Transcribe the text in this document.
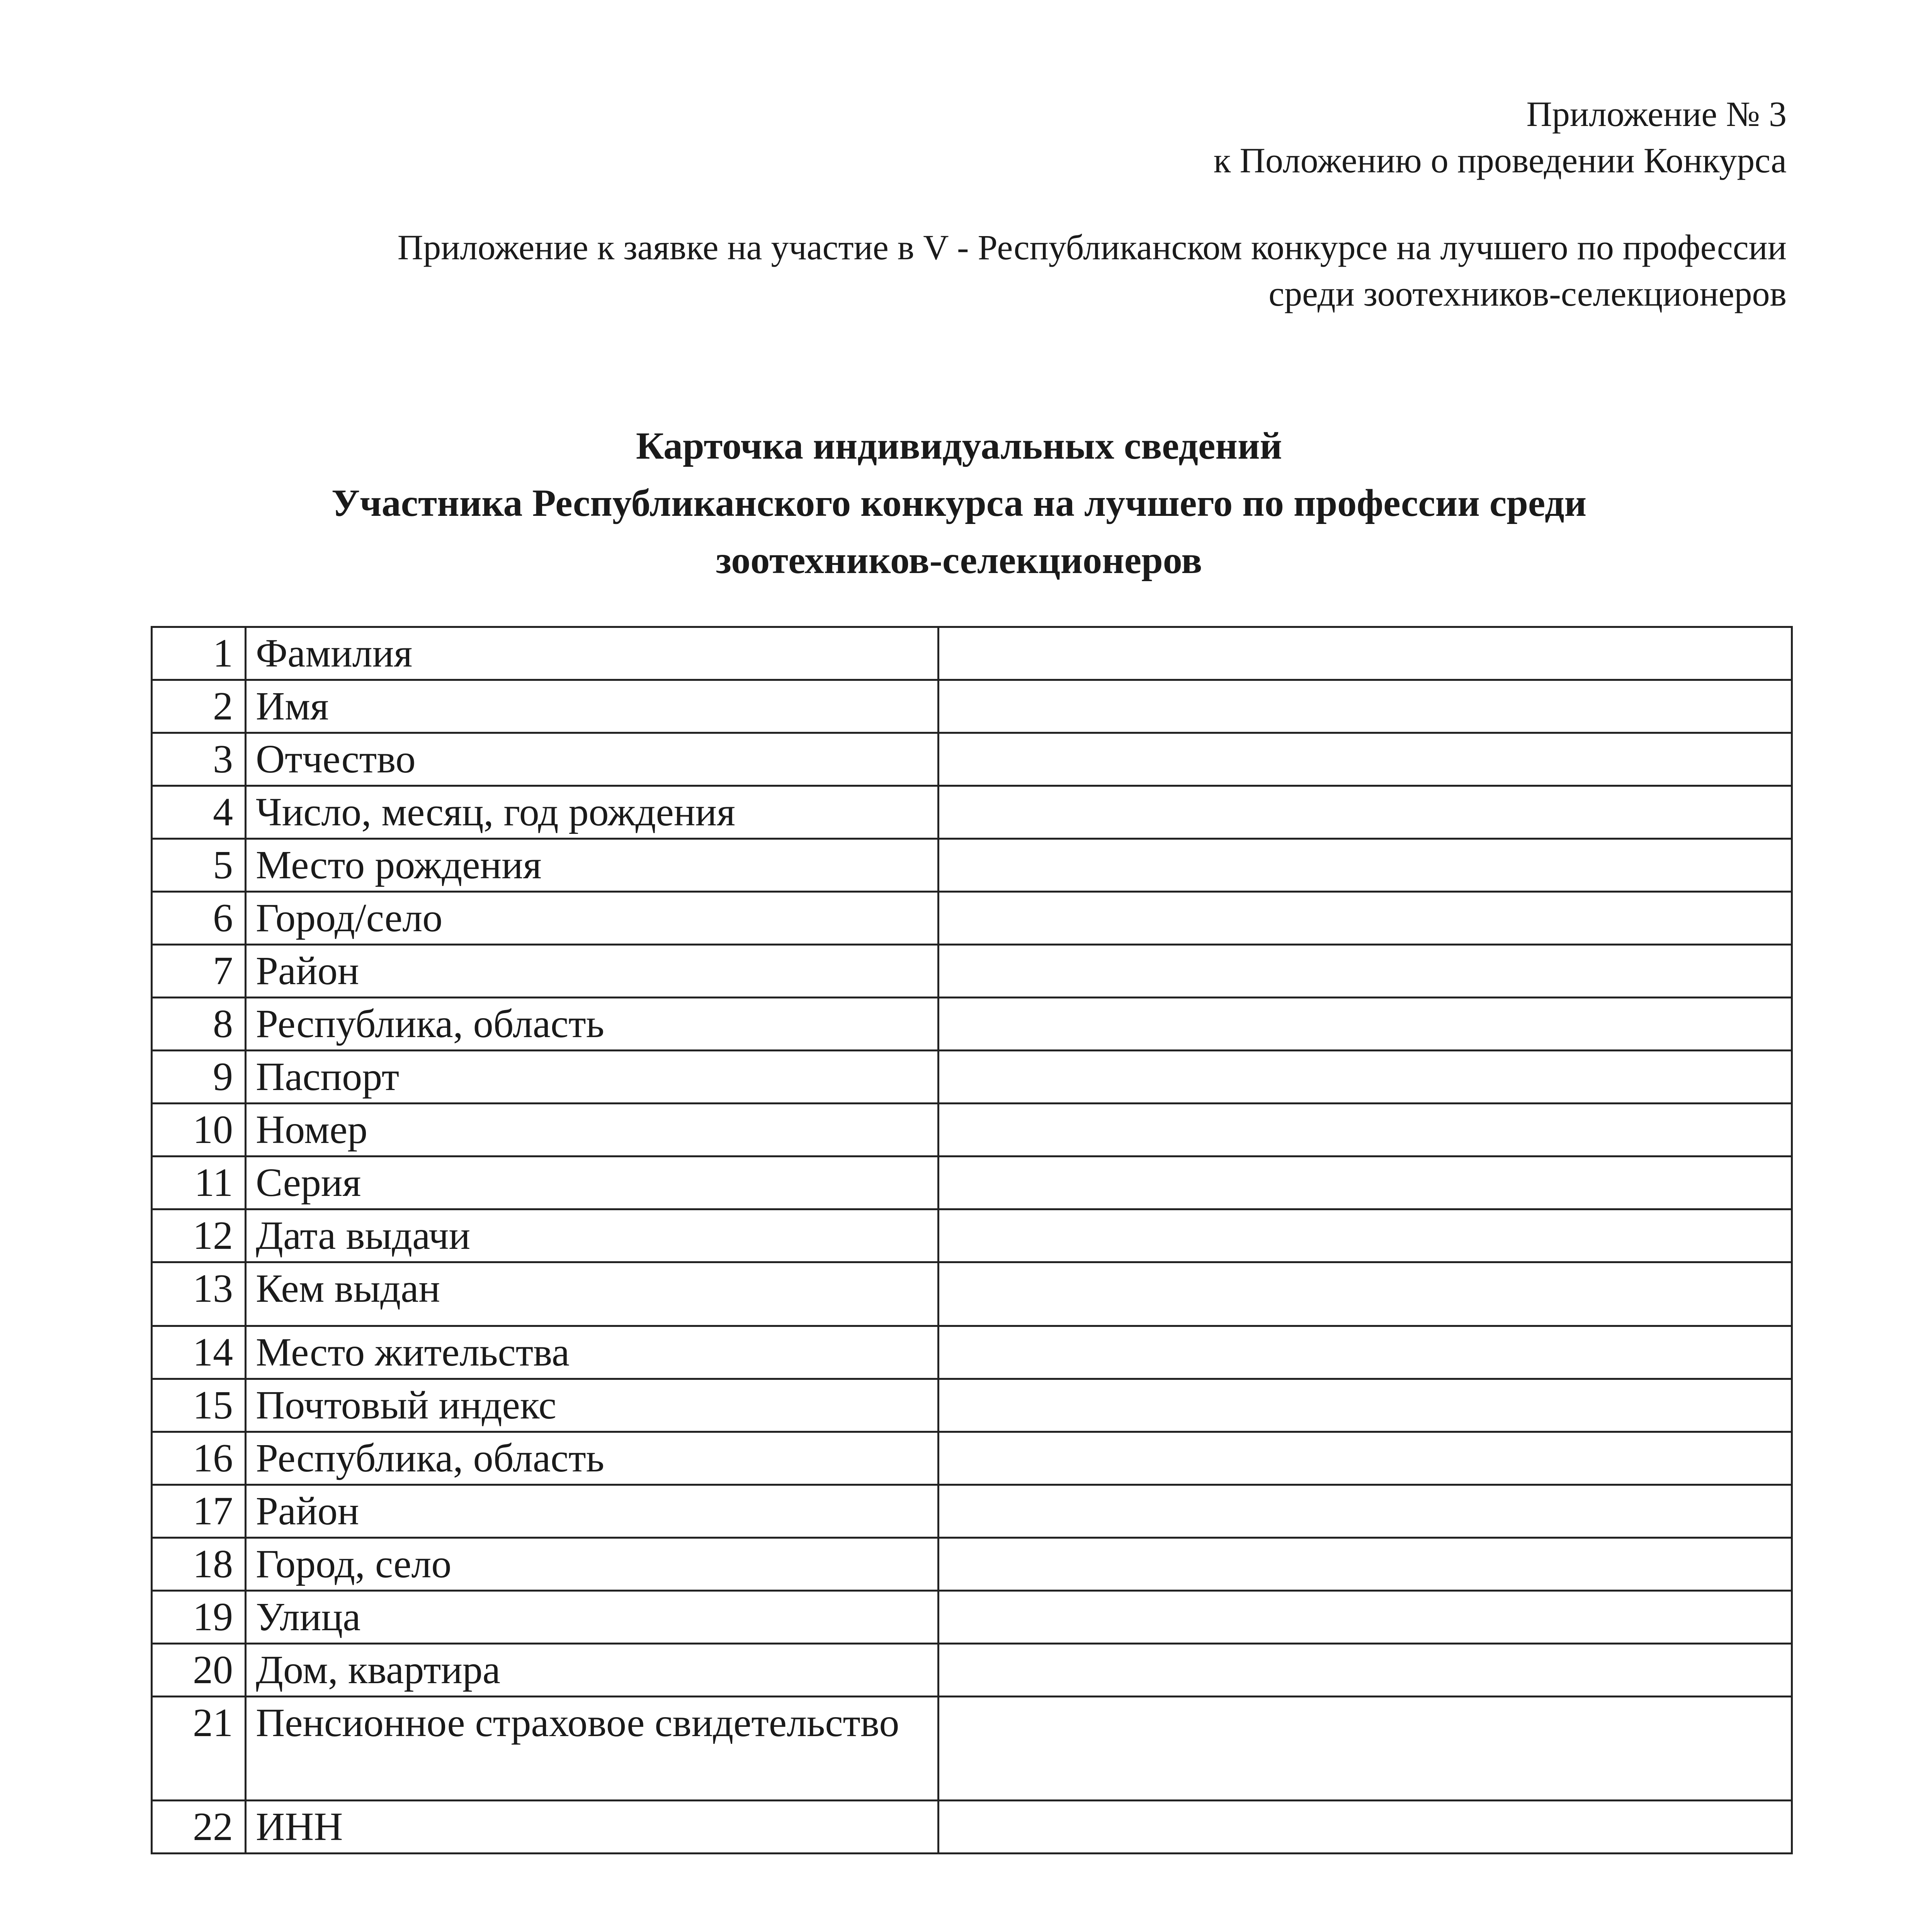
Приложение № 3
к Положению о проведении Конкурса
Приложение к заявке на участие в V - Республиканском конкурсе на лучшего по профессии
среди зоотехников-селекционеров
Карточка индивидуальных сведений
Участника Республиканского конкурса на лучшего по профессии среди
зоотехников-селекционеров
1	Фамилия	
2	Имя	
3	Отчество	
4	Число, месяц, год рождения	
5	Место рождения	
6	Город/село	
7	Район	
8	Республика, область	
9	Паспорт	
10	Номер	
11	Серия	
12	Дата выдачи	
13	Кем выдан	
14	Место жительства	
15	Почтовый индекс	
16	Республика, область	
17	Район	
18	Город, село	
19	Улица	
20	Дом, квартира	
21	Пенсионное страховое свидетельство	
22	ИНН	
